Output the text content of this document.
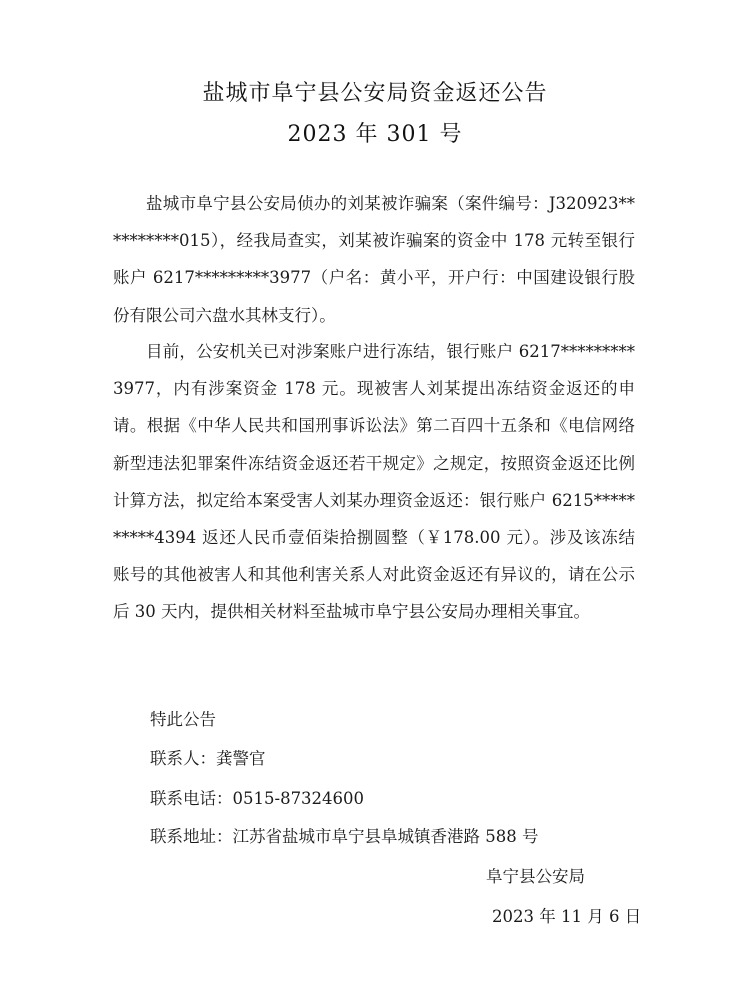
盐城市阜宁县公安局资金返还公告
2023 年 301 号

盐城市阜宁县公安局侦办的刘某被诈骗案（案件编号：J320923**********015），经我局查实，刘某被诈骗案的资金中 178 元转至银行账户 6217*********3977（户名：黄小平，开户行：中国建设银行股份有限公司六盘水其林支行）。

目前，公安机关已对涉案账户进行冻结，银行账户 6217*********3977，内有涉案资金 178 元。现被害人刘某提出冻结资金返还的申请。根据《中华人民共和国刑事诉讼法》第二百四十五条和《电信网络新型违法犯罪案件冻结资金返还若干规定》之规定，按照资金返还比例计算方法，拟定给本案受害人刘某办理资金返还：银行账户 6215**********4394 返还人民币壹佰柒拾捌圆整（￥178.00 元）。涉及该冻结账号的其他被害人和其他利害关系人对此资金返还有异议的，请在公示后 30 天内，提供相关材料至盐城市阜宁县公安局办理相关事宜。

特此公告
联系人：龚警官
联系电话：0515-87324600
联系地址：江苏省盐城市阜宁县阜城镇香港路 588 号
阜宁县公安局
2023 年 11 月 6 日
